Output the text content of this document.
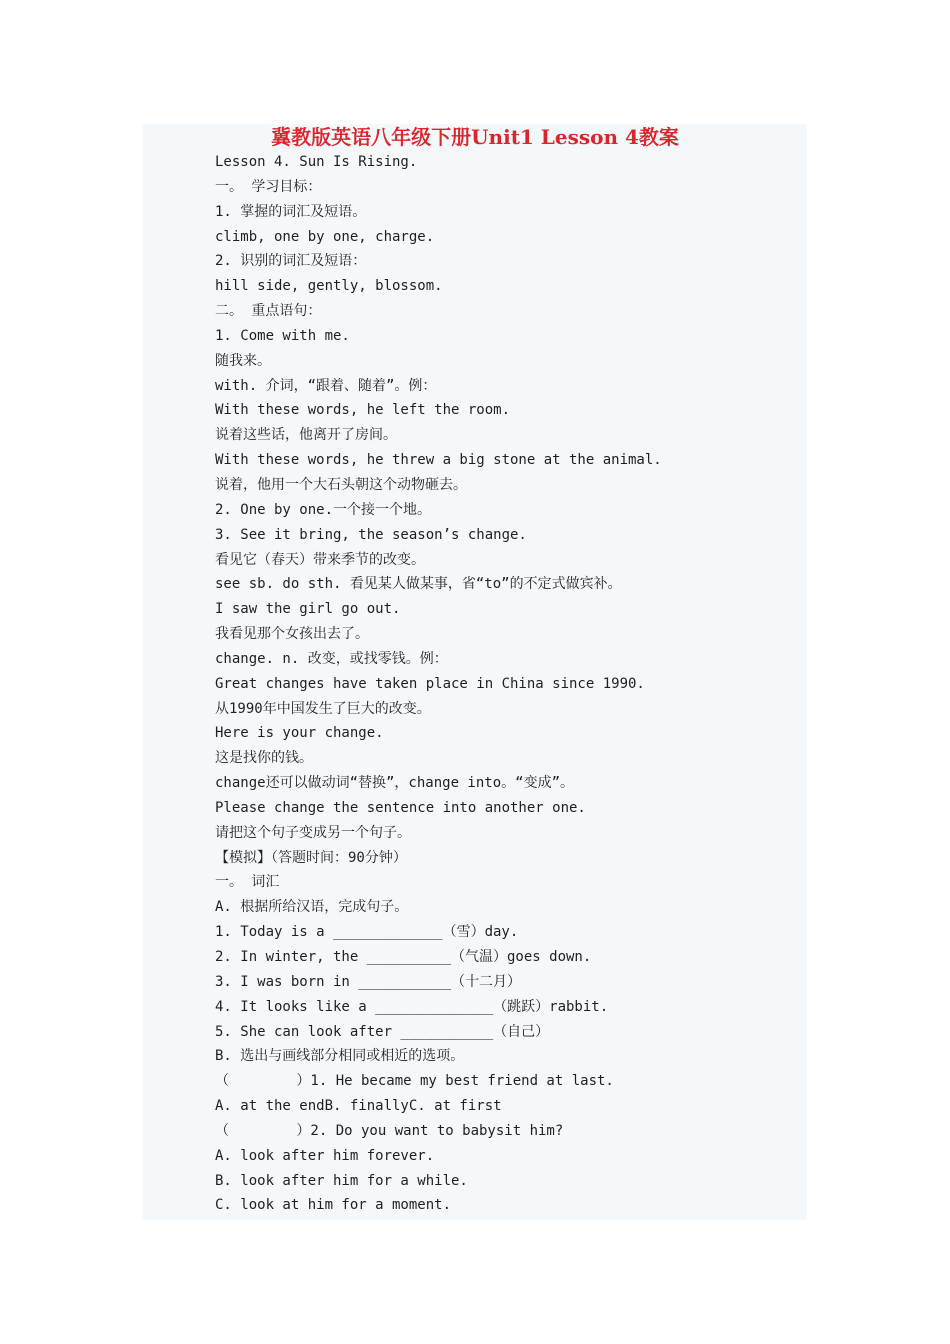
冀教版英语八年级下册Unit1 Lesson 4教案
Lesson 4. Sun Is Rising.
一。 学习目标：
1. 掌握的词汇及短语。
climb, one by one, charge.
2. 识别的词汇及短语：
hill side, gently, blossom.
二。 重点语句：
1. Come with me.
随我来。
with. 介词，“跟着、随着”。例：
With these words, he left the room.
说着这些话，他离开了房间。
With these words, he threw a big stone at the animal.
说着，他用一个大石头朝这个动物砸去。
2. One by one.一个接一个地。
3. See it bring, the season’s change.
看见它（春天）带来季节的改变。
see sb. do sth. 看见某人做某事，省“to”的不定式做宾补。
I saw the girl go out.
我看见那个女孩出去了。
change. n. 改变，或找零钱。例：
Great changes have taken place in China since 1990.
从1990年中国发生了巨大的改变。
Here is your change.
这是找你的钱。
change还可以做动词“替换”，change into。“变成”。
Please change the sentence into another one.
请把这个句子变成另一个句子。
【模拟】（答题时间：90分钟）
一。 词汇
A. 根据所给汉语，完成句子。
1. Today is a _____________（雪）day.
2. In winter, the __________（气温）goes down.
3. I was born in ___________（十二月）
4. It looks like a ______________（跳跃）rabbit.
5. She can look after ___________（自己）
B. 选出与画线部分相同或相近的选项。
（        ）1. He became my best friend at last.
A. at the endB. finallyC. at first
（        ）2. Do you want to babysit him?
A. look after him forever.
B. look after him for a while.
C. look at him for a moment.
